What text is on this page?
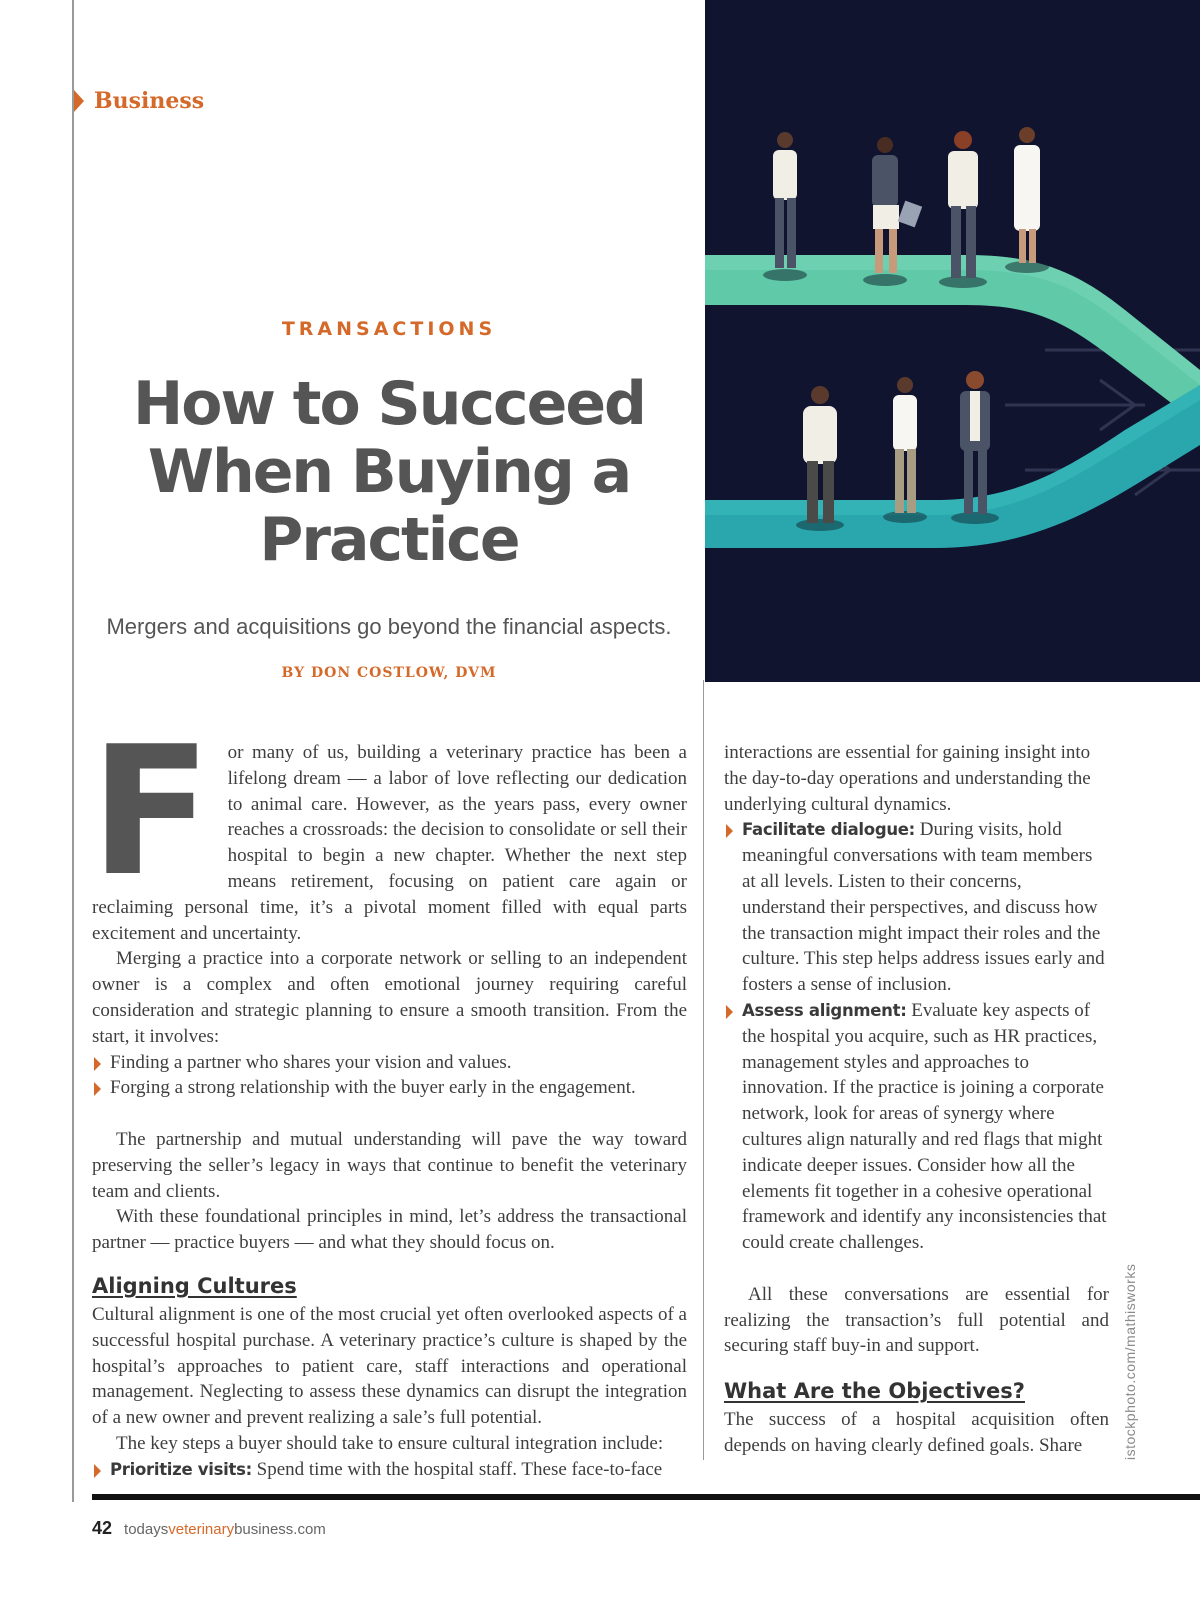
Business
TRANSACTIONS
How to Succeed When Buying a Practice
Mergers and acquisitions go beyond the financial aspects.
BY DON COSTLOW, DVM
F or many of us, building a veterinary practice has been a lifelong dream — a labor of love reflecting our dedication to animal care. However, as the years pass, every owner reaches a crossroads: the decision to consolidate or sell their hospital to begin a new chapter. Whether the next step means retirement, focusing on patient care again or reclaiming personal time, it’s a pivotal moment filled with equal parts excitement and uncertainty.

Merging a practice into a corporate network or selling to an independent owner is a complex and often emotional journey requiring careful consideration and strategic planning to ensure a smooth transition. From the start, it involves:

Finding a partner who shares your vision and values.
Forging a strong relationship with the buyer early in the engagement.

The partnership and mutual understanding will pave the way toward preserving the seller’s legacy in ways that continue to benefit the veterinary team and clients.

With these foundational principles in mind, let’s address the transactional partner — practice buyers — and what they should focus on.

Aligning Cultures

Cultural alignment is one of the most crucial yet often overlooked aspects of a successful hospital purchase. A veterinary practice’s culture is shaped by the hospital’s approaches to patient care, staff interactions and operational management. Neglecting to assess these dynamics can disrupt the integration of a new owner and prevent realizing a sale’s full potential.

The key steps a buyer should take to ensure cultural integration include:

Prioritize visits: Spend time with the hospital staff. These face-to-face

interactions are essential for gaining insight into the day-to-day operations and understanding the underlying cultural dynamics.

Facilitate dialogue: During visits, hold meaningful conversations with team members at all levels. Listen to their concerns, understand their perspectives, and discuss how the transaction might impact their roles and the culture. This step helps address issues early and fosters a sense of inclusion.
Assess alignment: Evaluate key aspects of the hospital you acquire, such as HR practices, management styles and approaches to innovation. If the practice is joining a corporate network, look for areas of synergy where cultures align naturally and red flags that might indicate deeper issues. Consider how all the elements fit together in a cohesive operational framework and identify any inconsistencies that could create challenges.

All these conversations are essential for realizing the transaction’s full potential and securing staff buy-in and support.

What Are the Objectives?

The success of a hospital acquisition often depends on having clearly defined goals. Share	istockphoto.com/mathisworks
42 todaysveterinarybusiness.com
